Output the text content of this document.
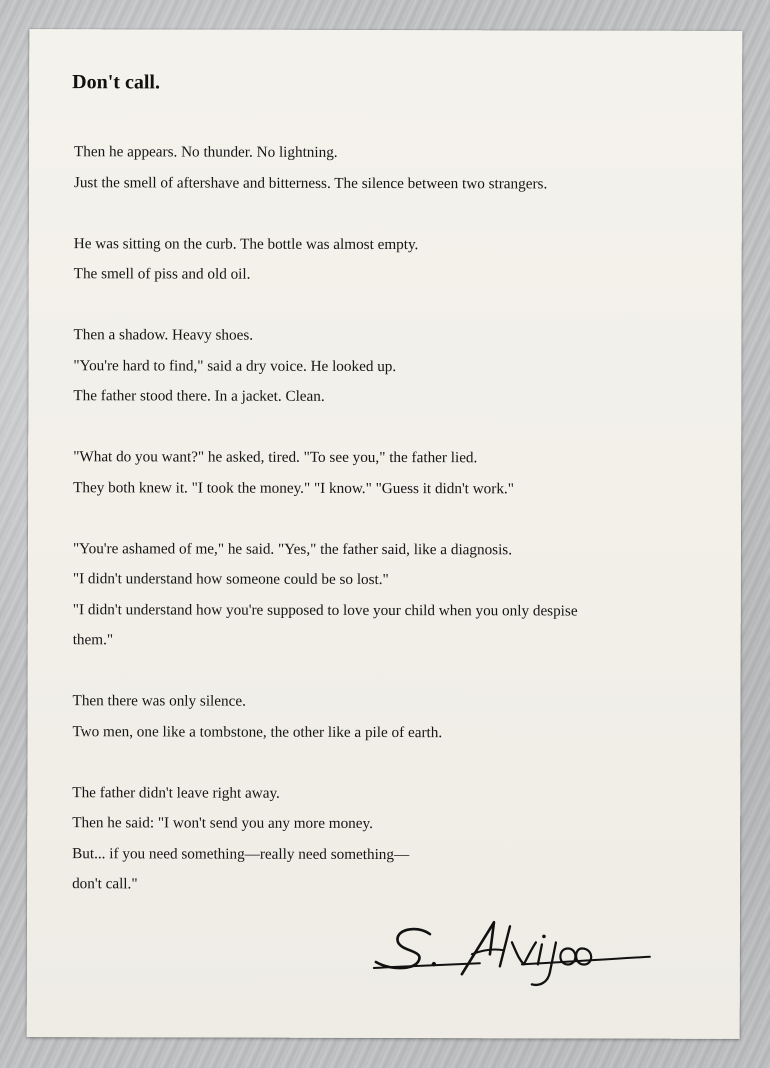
Don't call.
Then he appears. No thunder. No lightning.
Just the smell of aftershave and bitterness. The silence between two strangers.
He was sitting on the curb. The bottle was almost empty.
The smell of piss and old oil.
Then a shadow. Heavy shoes.
"You're hard to find," said a dry voice. He looked up.
The father stood there. In a jacket. Clean.
"What do you want?" he asked, tired. "To see you," the father lied.
They both knew it. "I took the money." "I know." "Guess it didn't work."
"You're ashamed of me," he said. "Yes," the father said, like a diagnosis.
"I didn't understand how someone could be so lost."
"I didn't understand how you're supposed to love your child when you only despise
them."
Then there was only silence.
Two men, one like a tombstone, the other like a pile of earth.
The father didn't leave right away.
Then he said: "I won't send you any more money.
But... if you need something—really need something—
don't call."
